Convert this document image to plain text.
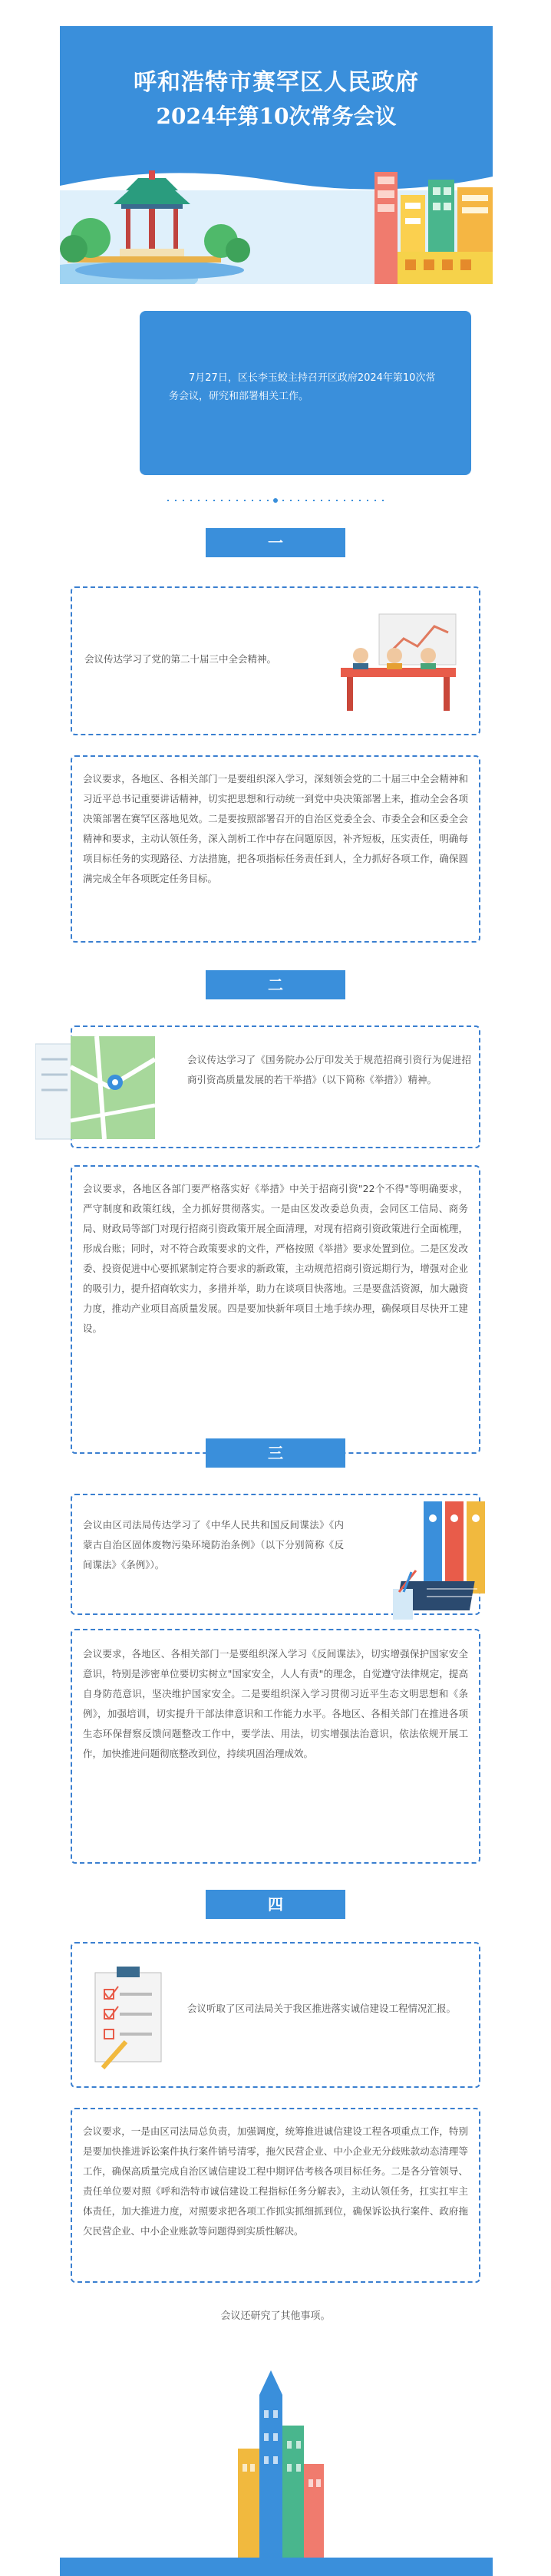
呼和浩特市赛罕区人民政府
2024年第10次常务会议
7月27日，区长李玉蛟主持召开区政府2024年第10次常务会议，研究和部署相关工作。
一
会议传达学习了党的第二十届三中全会精神。
会议要求，各地区、各相关部门一是要组织深入学习，深刻领会党的二十届三中全会精神和习近平总书记重要讲话精神，切实把思想和行动统一到党中央决策部署上来，推动全会各项决策部署在赛罕区落地见效。二是要按照部署召开的自治区党委全会、市委全会和区委全会精神和要求，主动认领任务，深入剖析工作中存在问题原因，补齐短板，压实责任，明确每项目标任务的实现路径、方法措施，把各项指标任务责任到人，全力抓好各项工作，确保圆满完成全年各项既定任务目标。
二
会议传达学习了《国务院办公厅印发关于规范招商引资行为促进招商引资高质量发展的若干举措》（以下简称《举措》）精神。
会议要求，各地区各部门要严格落实好《举措》中关于招商引资"22个不得"等明确要求，严守制度和政策红线，全力抓好贯彻落实。一是由区发改委总负责，会同区工信局、商务局、财政局等部门对现行招商引资政策开展全面清理，对现有招商引资政策进行全面梳理，形成台账；同时，对不符合政策要求的文件，严格按照《举措》要求处置到位。二是区发改委、投资促进中心要抓紧制定符合要求的新政策，主动规范招商引资远期行为，增强对企业的吸引力，提升招商软实力，多措并举，助力在谈项目快落地。三是要盘活资源，加大融资力度，推动产业项目高质量发展。四是要加快新年项目土地手续办理，确保项目尽快开工建设。
三
会议由区司法局传达学习了《中华人民共和国反间谍法》《内蒙古自治区固体废物污染环境防治条例》（以下分别简称《反间谍法》《条例》）。
会议要求，各地区、各相关部门一是要组织深入学习《反间谍法》，切实增强保护国家安全意识，特别是涉密单位要切实树立"国家安全，人人有责"的理念，自觉遵守法律规定，提高自身防范意识，坚决维护国家安全。二是要组织深入学习贯彻习近平生态文明思想和《条例》，加强培训，切实提升干部法律意识和工作能力水平。各地区、各相关部门在推进各项生态环保督察反馈问题整改工作中，要学法、用法，切实增强法治意识，依法依规开展工作，加快推进问题彻底整改到位，持续巩固治理成效。
四
会议听取了区司法局关于我区推进落实诚信建设工程情况汇报。
会议要求，一是由区司法局总负责，加强调度，统筹推进诚信建设工程各项重点工作，特别是要加快推进诉讼案件执行案件销号清零，拖欠民营企业、中小企业无分歧账款动态清理等工作，确保高质量完成自治区诚信建设工程中期评估考核各项目标任务。二是各分管领导、责任单位要对照《呼和浩特市诚信建设工程指标任务分解表》，主动认领任务，扛实扛牢主体责任，加大推进力度，对照要求把各项工作抓实抓细抓到位，确保诉讼执行案件、政府拖欠民营企业、中小企业账款等问题得到实质性解决。
会议还研究了其他事项。
